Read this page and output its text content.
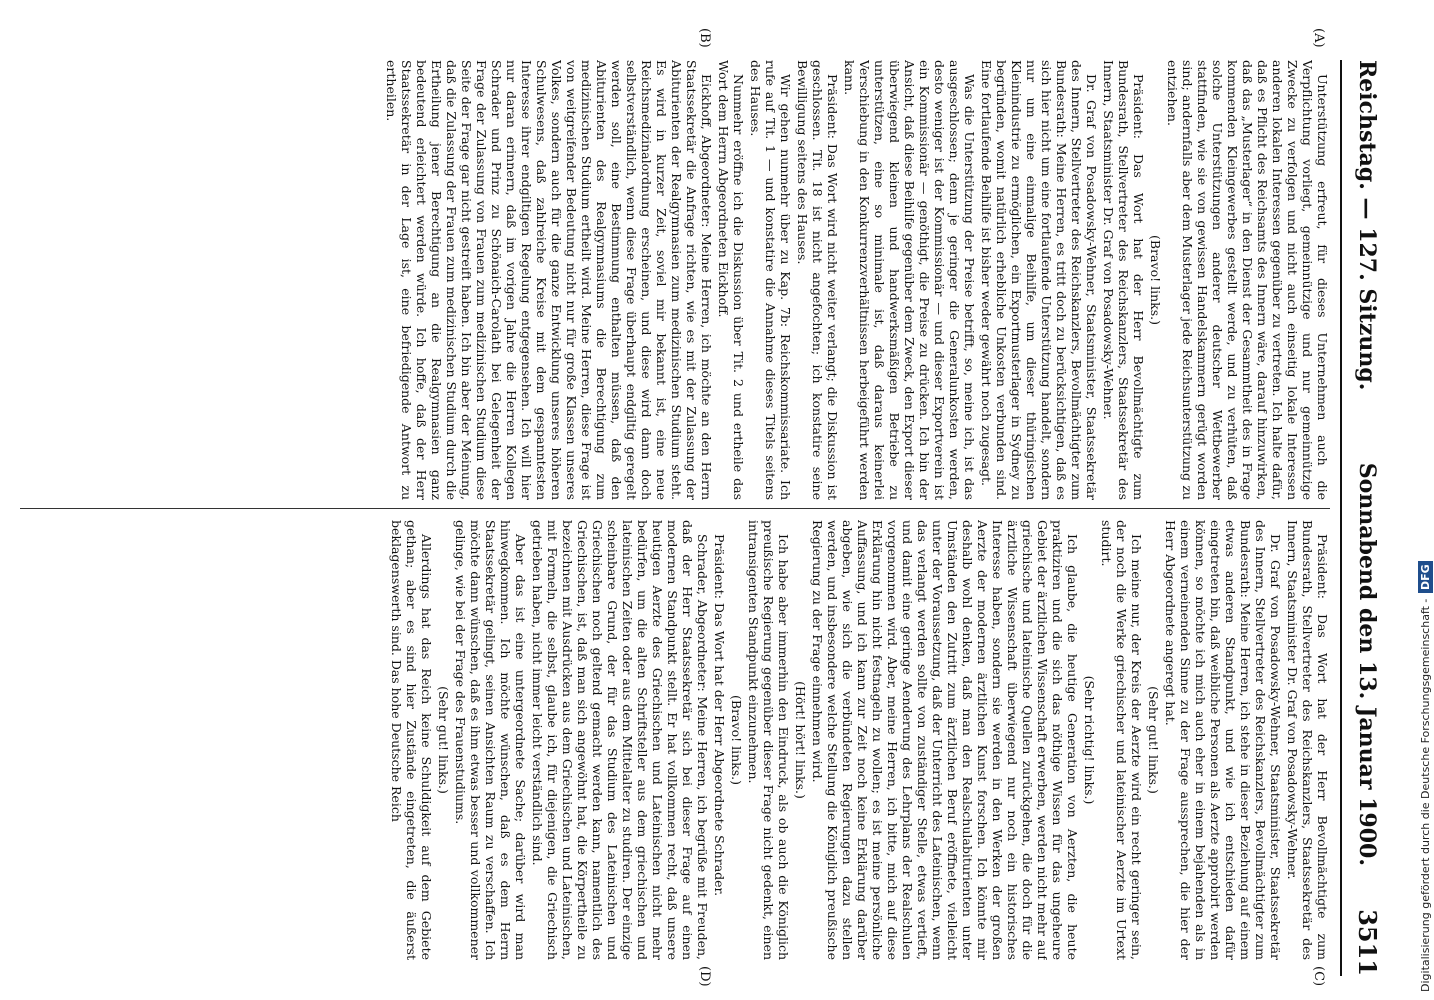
Reichstag. — 127. Sitzung.
Sonnabend den 13. Januar 1900.
3511
(A)
(B)
(C)
(D)

Unterstützung erfreut, für dieses Unternehmen auch die Verpflichtung vorliegt, gemeinnützige und nur gemeinnützige Zwecke zu verfolgen und nicht auch einseitig lokale Interessen anderen lokalen Interessen gegenüber zu vertreten. Ich halte dafür, daß es Pflicht des Reichsamts des Innern wäre, darauf hinzuwirken, daß das „Musterlager“ in den Dienst der Gesammtheit des in Frage kommenden Kleingewerbes gestellt werde, und zu verhüten, daß solche Unterstützungen anderer deutscher Wettbewerber stattfinden, wie sie von gewissen Handelskammern gerügt worden sind; andernfalls aber dem Musterlager jede Reichsunterstützung zu entziehen.

(Bravo! links.)

Präsident: Das Wort hat der Herr Bevollmächtigte zum Bundesrath, Stellvertreter des Reichskanzlers, Staatssekretär des Innern, Staatsminister Dr. Graf von Posadowsky-Wehner.

Dr. Graf von Posadowsky-Wehner, Staatsminister, Staatssekretär des Innern, Stellvertreter des Reichskanzlers, Bevollmächtigter zum Bundesrath: Meine Herren, es tritt doch zu berücksichtigen, daß es sich hier nicht um eine fortlaufende Unterstützung handelt, sondern nur um eine einmalige Beihilfe, um dieser thüringischen Kleinindustrie zu ermöglichen, ein Exportmusterlager in Sydney zu begründen, womit natürlich erhebliche Unkosten verbunden sind. Eine fortlaufende Beihilfe ist bisher weder gewährt noch zugesagt.

Was die Unterstützung der Preise betrifft, so, meine ich, ist das ausgeschlossen; denn je geringer die Generalunkosten werden, desto weniger ist der Kommissionär — und dieser Exportverein ist ein Kommissionär — genöthigt, die Preise zu drücken. Ich bin der Ansicht, daß diese Beihilfe gegenüber dem Zweck, den Export dieser überwiegend kleinen und handwerksmäßigen Betriebe zu unterstützen, eine so minimale ist, daß daraus keinerlei Verschiebung in den Konkurrenzverhältnissen herbeigeführt werden kann.

Präsident: Das Wort wird nicht weiter verlangt; die Diskussion ist geschlossen. Tit. 18 ist nicht angefochten; ich konstatire seine Bewilligung seitens des Hauses.

Wir gehen nunmehr über zu Kap. 7b: Reichskommissariate. Ich rufe auf Tit. 1 — und konstatire die Annahme dieses Titels seitens des Hauses.

Nunmehr eröffne ich die Diskussion über Tit. 2 und ertheile das Wort dem Herrn Abgeordneten Eickhoff.

Eickhoff, Abgeordneter: Meine Herren, ich möchte an den Herrn Staatssekretär die Anfrage richten, wie es mit der Zulassung der Abiturienten der Realgymnasien zum medizinischen Studium steht. Es wird in kurzer Zeit, soviel mir bekannt ist, eine neue Reichsmedizinalordnung erscheinen, und diese wird dann doch selbstverständlich, wenn diese Frage überhaupt endgiltig geregelt werden soll, eine Bestimmung enthalten müssen, daß den Abiturienten des Realgymnasiums die Berechtigung zum medizinischen Studium ertheilt wird. Meine Herren, diese Frage ist von weitgreifender Bedeutung nicht nur für große Klassen unseres Volkes, sondern auch für die ganze Entwicklung unseres höheren Schulwesens, daß zahlreiche Kreise mit dem gespanntesten Interesse ihrer endgiltigen Regelung entgegensehen. Ich will hier nur daran erinnern, daß im vorigen Jahre die Herren Kollegen Schrader und Prinz zu Schönaich-Carolath bei Gelegenheit der Frage der Zulassung von Frauen zum medizinischen Studium diese Seite der Frage gar nicht gestreift haben. Ich bin aber der Meinung, daß die Zulassung der Frauen zum medizinischen Studium durch die Ertheilung jener Berechtigung an die Realgymnasien ganz bedeutend erleichtert werden würde. Ich hoffe, daß der Herr Staatssekretär in der Lage ist, eine befriedigende Antwort zu ertheilen.

Präsident: Das Wort hat der Herr Bevollmächtigte zum Bundesrath, Stellvertreter des Reichskanzlers, Staatssekretär des Innern, Staatsminister Dr. Graf von Posadowsky-Wehner.

Dr. Graf von Posadowsky-Wehner, Staatsminister, Staatssekretär des Innern, Stellvertreter des Reichskanzlers, Bevollmächtigter zum Bundesrath: Meine Herren, ich stehe in dieser Beziehung auf einem etwas anderen Standpunkt, und wie ich entschieden dafür eingetreten bin, daß weibliche Personen als Aerzte approbirt werden können, so möchte ich mich auch eher in einem bejahenden als in einem verneinenden Sinne zu der Frage aussprechen, die hier der Herr Abgeordnete angeregt hat.

(Sehr gut! links.)

Ich meine nur, der Kreis der Aerzte wird ein recht geringer sein, der noch die Werke griechischer und lateinischer Aerzte im Urtext studirt.

(Sehr richtig! links.)

Ich glaube, die heutige Generation von Aerzten, die heute praktiziren und die sich das nöthige Wissen für das ungeheure Gebiet der ärztlichen Wissenschaft erwerben, werden nicht mehr auf griechische und lateinische Quellen zurückgehen, die doch für die ärztliche Wissenschaft überwiegend nur noch ein historisches Interesse haben, sondern sie werden in den Werken der großen Aerzte der modernen ärztlichen Kunst forschen. Ich könnte mir deshalb wohl denken, daß man den Realschulabiturienten unter Umständen den Zutritt zum ärztlichen Beruf eröffnete, vielleicht unter der Voraussetzung, daß der Unterricht des Lateinischen, wenn das verlangt werden sollte von zuständiger Stelle, etwas vertieft, und damit eine geringe Aenderung des Lehrplans der Realschulen vorgenommen wird. Aber, meine Herren, ich bitte, mich auf diese Erklärung hin nicht festnageln zu wollen; es ist meine persönliche Auffassung, und ich kann zur Zeit noch keine Erklärung darüber abgeben, wie sich die verbündeten Regierungen dazu stellen werden, und insbesondere welche Stellung die Königlich preußische Regierung zu der Frage einnehmen wird.

(Hört! hört! links.)

Ich habe aber immerhin den Eindruck, als ob auch die Königlich preußische Regierung gegenüber dieser Frage nicht gedenkt, einen intransigenten Standpunkt einzunehmen.

(Bravo! links.)

Präsident: Das Wort hat der Herr Abgeordnete Schrader.

Schrader, Abgeordneter: Meine Herren, ich begrüße mit Freuden, daß der Herr Staatssekretär sich bei dieser Frage auf einen modernen Standpunkt stellt. Er hat vollkommen recht, daß unsere heutigen Aerzte des Griechischen und Lateinischen nicht mehr bedürfen, um die alten Schriftsteller aus dem griechischen und lateinischen Zeiten oder aus dem Mittelalter zu studiren. Der einzige scheinbare Grund, der für das Studium des Lateinischen und Griechischen noch geltend gemacht werden kann, namentlich des Griechischen, ist, daß man sich angewöhnt hat, die Körpertheile zu bezeichnen mit Ausdrücken aus dem Griechischen und Lateinischen, mit Formeln, die selbst, glaube ich, für diejenigen, die Griechisch getrieben haben, nicht immer leicht verständlich sind.

Aber das ist eine untergeordnete Sache; darüber wird man hinwegkommen. Ich möchte wünschen, daß es dem Herrn Staatssekretär gelingt, seinen Ansichten Raum zu verschaffen. Ich möchte dann wünschen, daß es ihm etwas besser und vollkommener gelinge, wie bei der Frage des Frauenstudiums.

(Sehr gut! links.)

Allerdings hat das Reich keine Schuldigkeit auf dem Gebiete gethan; aber es sind hier Zustände eingetreten, die äußerst beklagenswerth sind. Das hohe Deutsche Reich	Digitalisierung gefördert durch die Deutsche Forschungsgemeinschaft -
DFG
